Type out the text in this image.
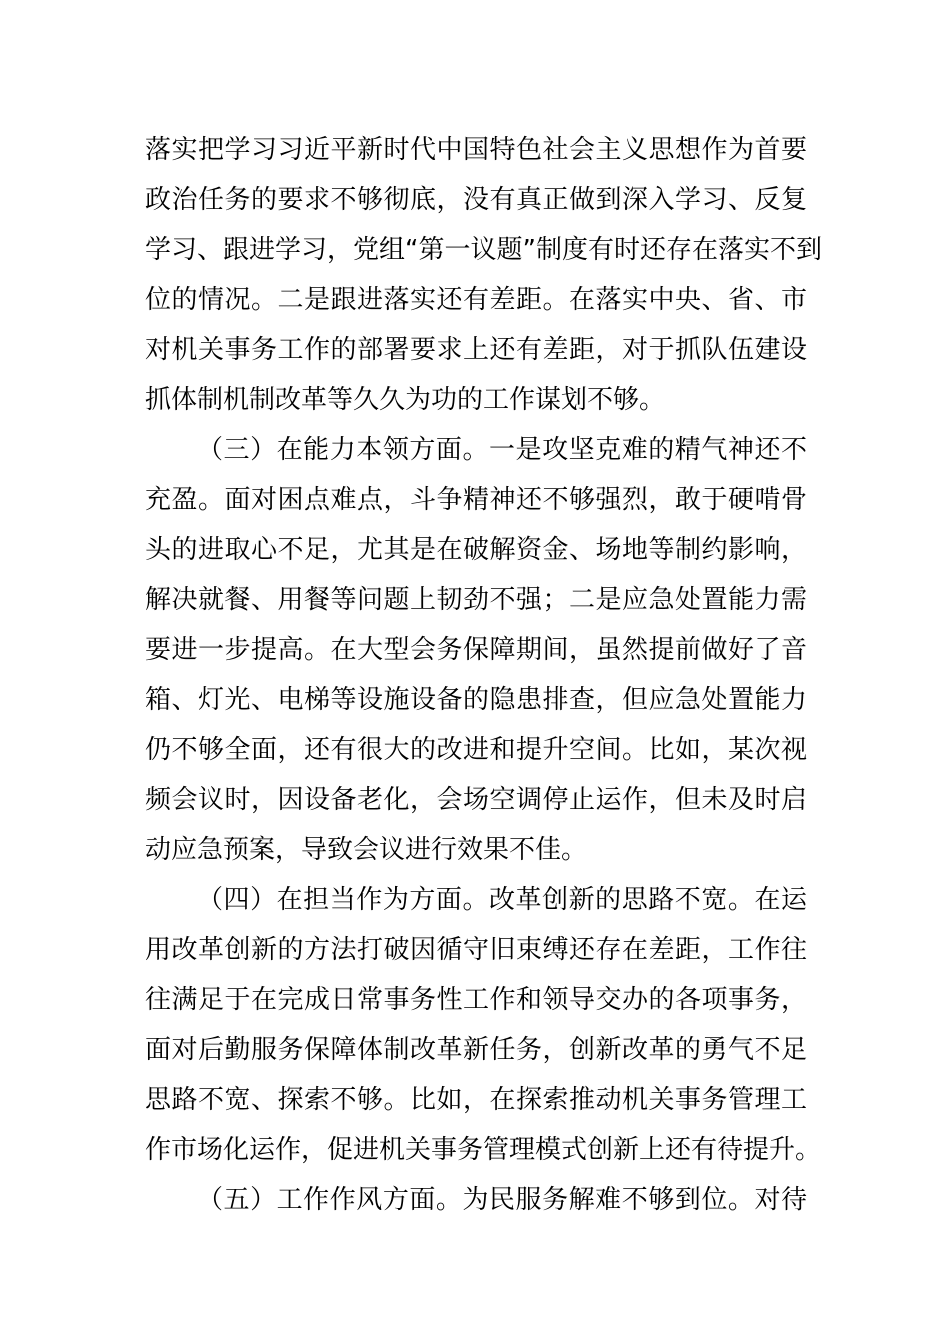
落实把学习习近平新时代中国特色社会主义思想作为首要
政治任务的要求不够彻底，没有真正做到深入学习、反复
学习、跟进学习，党组“第一议题”制度有时还存在落实不到
位的情况。二是跟进落实还有差距。在落实中央、省、市
对机关事务工作的部署要求上还有差距，对于抓队伍建设
抓体制机制改革等久久为功的工作谋划不够。
（三）在能力本领方面。一是攻坚克难的精气神还不
充盈。面对困点难点，斗争精神还不够强烈，敢于硬啃骨
头的进取心不足，尤其是在破解资金、场地等制约影响，
解决就餐、用餐等问题上韧劲不强；二是应急处置能力需
要进一步提高。在大型会务保障期间，虽然提前做好了音
箱、灯光、电梯等设施设备的隐患排查，但应急处置能力
仍不够全面，还有很大的改进和提升空间。比如，某次视
频会议时，因设备老化，会场空调停止运作，但未及时启
动应急预案，导致会议进行效果不佳。
（四）在担当作为方面。改革创新的思路不宽。在运
用改革创新的方法打破因循守旧束缚还存在差距，工作往
往满足于在完成日常事务性工作和领导交办的各项事务，
面对后勤服务保障体制改革新任务，创新改革的勇气不足
思路不宽、探索不够。比如，在探索推动机关事务管理工
作市场化运作，促进机关事务管理模式创新上还有待提升。
（五）工作作风方面。为民服务解难不够到位。对待
